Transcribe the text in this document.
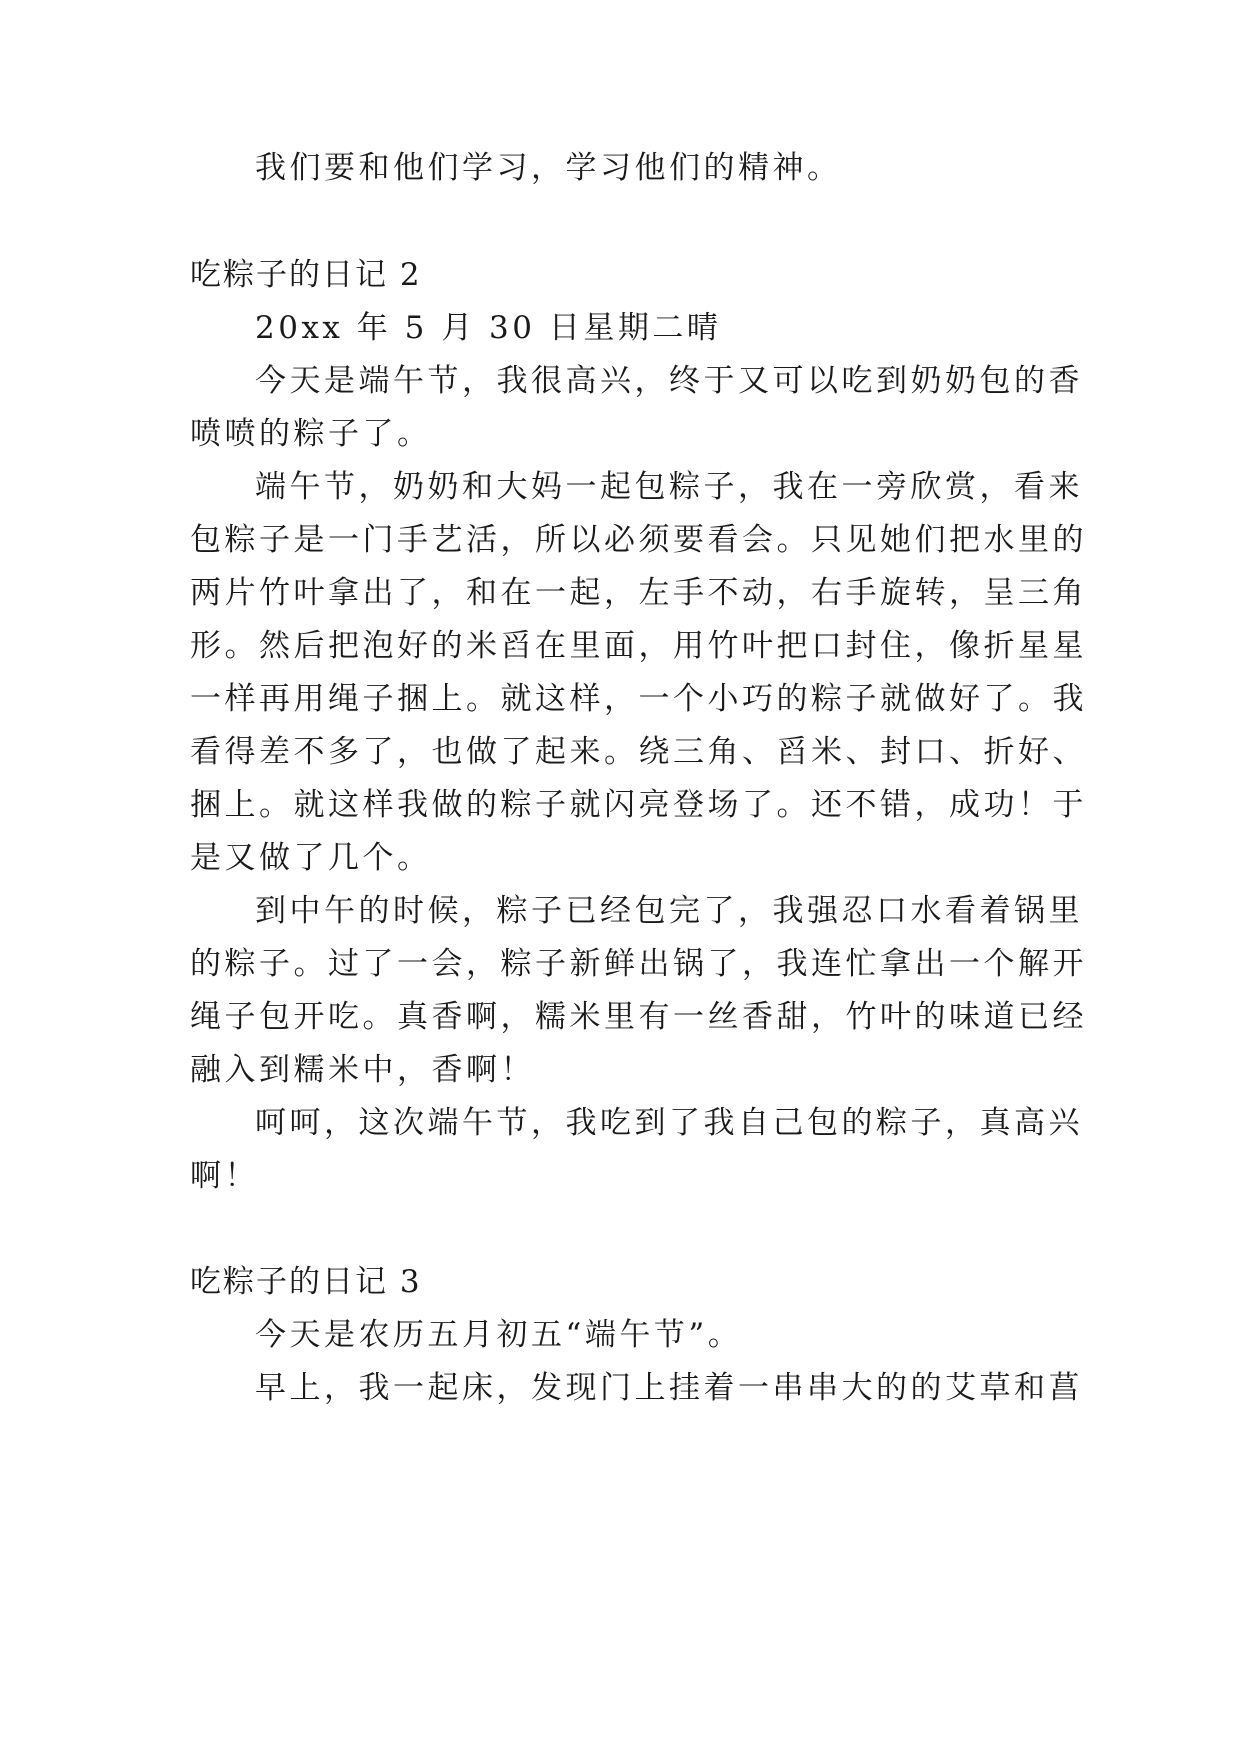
我们要和他们学习，学习他们的精神。
吃粽子的日记 2
20xx 年 5 月 30 日星期二晴
今天是端午节，我很高兴，终于又可以吃到奶奶包的香
喷喷的粽子了。
端午节，奶奶和大妈一起包粽子，我在一旁欣赏，看来
包粽子是一门手艺活，所以必须要看会。只见她们把水里的
两片竹叶拿出了，和在一起，左手不动，右手旋转，呈三角
形。然后把泡好的米舀在里面，用竹叶把口封住，像折星星
一样再用绳子捆上。就这样，一个小巧的粽子就做好了。我
看得差不多了，也做了起来。绕三角、舀米、封口、折好、
捆上。就这样我做的粽子就闪亮登场了。还不错，成功！于
是又做了几个。
到中午的时候，粽子已经包完了，我强忍口水看着锅里
的粽子。过了一会，粽子新鲜出锅了，我连忙拿出一个解开
绳子包开吃。真香啊，糯米里有一丝香甜，竹叶的味道已经
融入到糯米中，香啊！
呵呵，这次端午节，我吃到了我自己包的粽子，真高兴
啊！
吃粽子的日记 3
今天是农历五月初五“端午节”。
早上，我一起床，发现门上挂着一串串大的的艾草和菖
